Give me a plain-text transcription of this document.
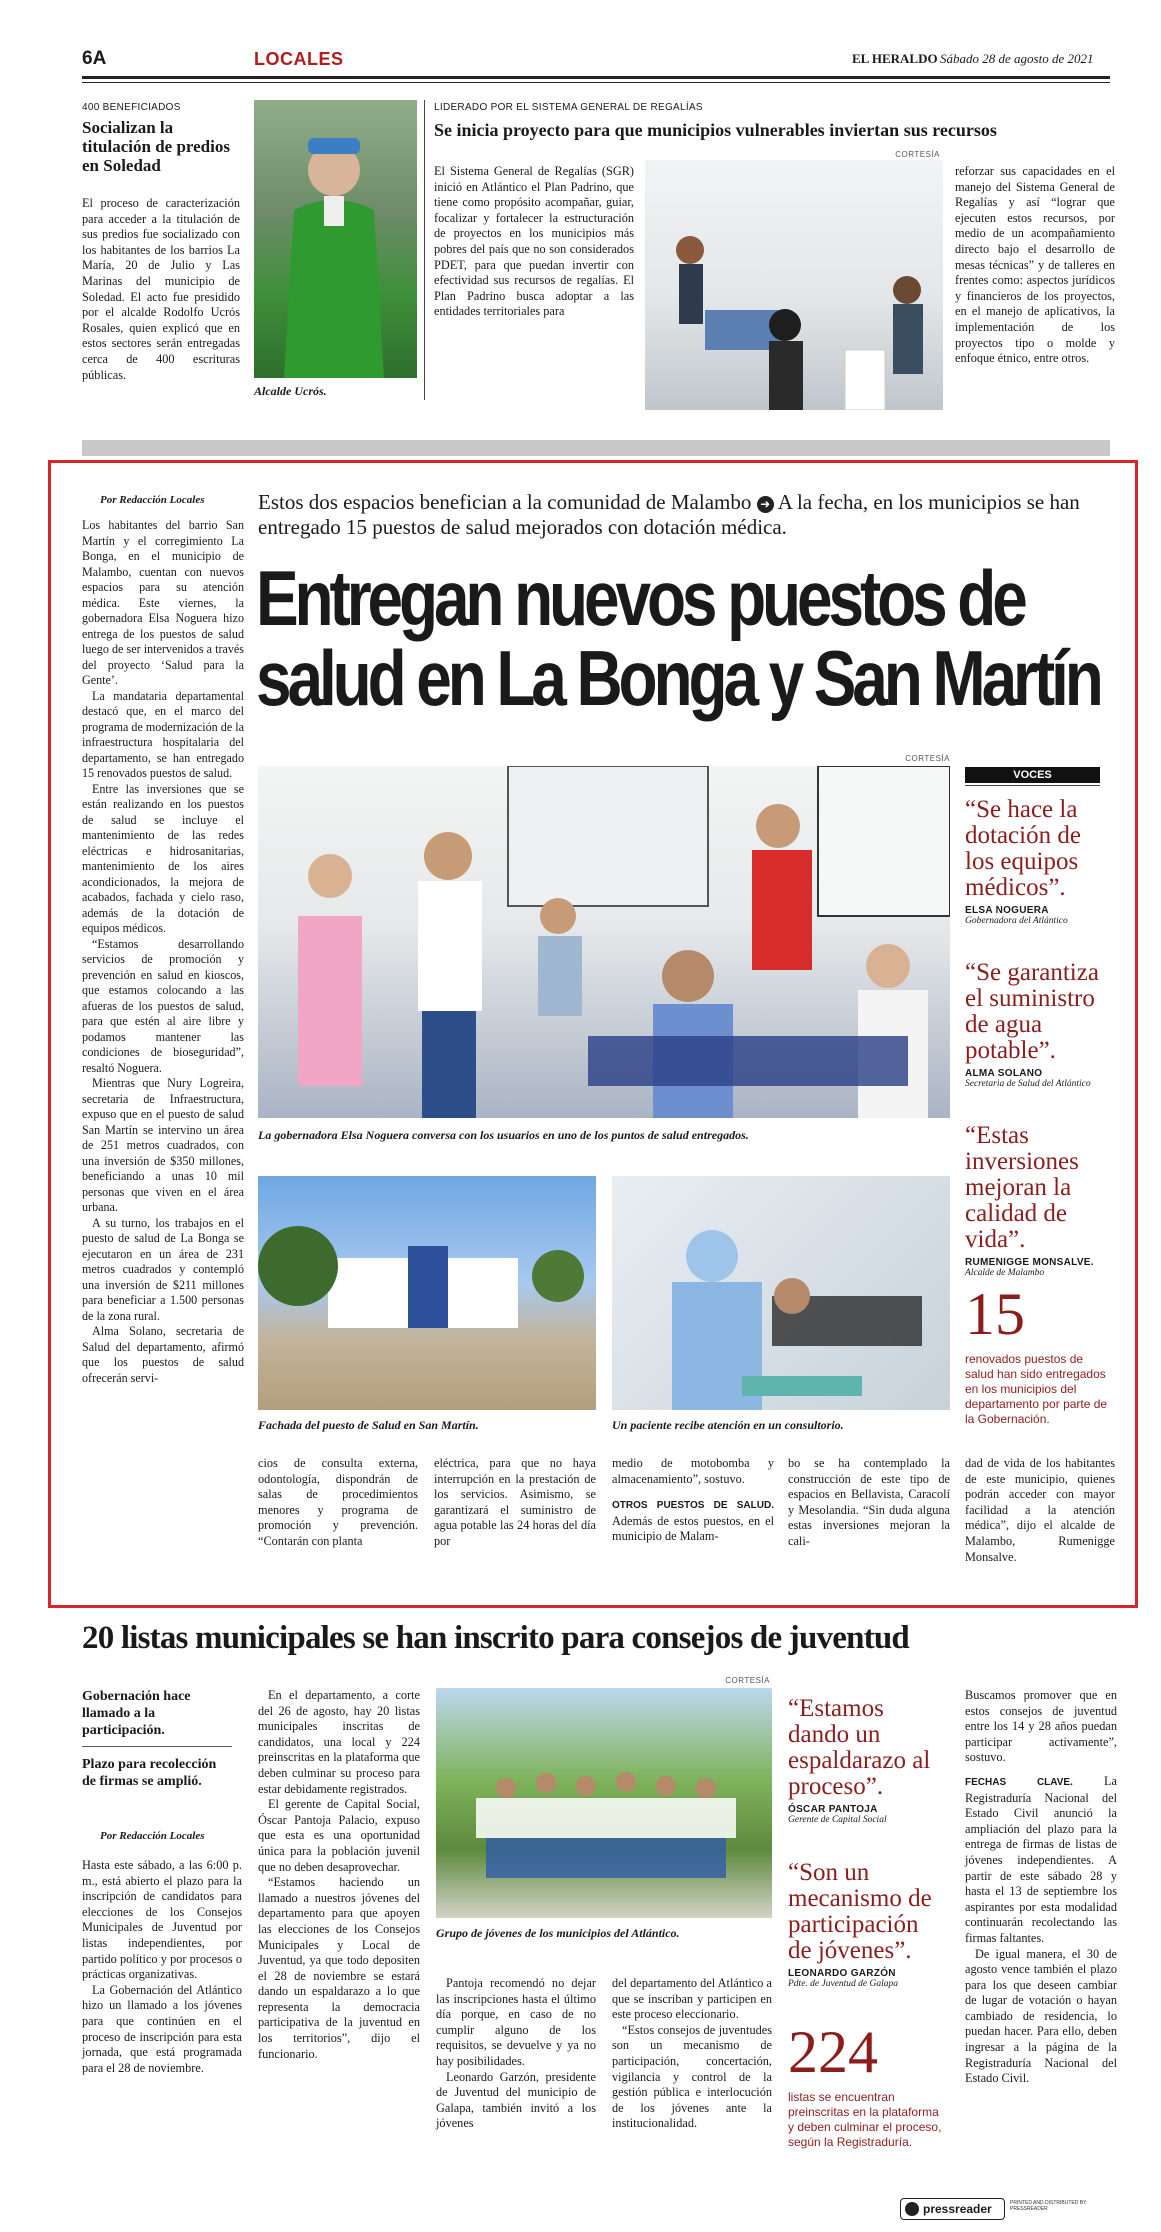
6A	LOCALES	EL HERALDO Sábado 28 de agosto de 2021
400 BENEFICIADOS
Socializan la titulación de predios en Soledad
El proceso de caracterización para acceder a la titulación de sus predios fue socializado con los habitantes de los barrios La María, 20 de Julio y Las Marinas del municipio de Soledad. El acto fue presidido por el alcalde Rodolfo Ucrós Rosales, quien explicó que en estos sectores serán entregadas cerca de 400 escrituras públicas.
Alcalde Ucrós.
LIDERADO POR EL SISTEMA GENERAL DE REGALÍAS
Se inicia proyecto para que municipios vulnerables inviertan sus recursos
CORTESÍA
El Sistema General de Regalías (SGR) inició en Atlántico el Plan Padrino, que tiene como propósito acompañar, guiar, focalizar y fortalecer la estructuración de proyectos en los municipios más pobres del país que no son considerados PDET, para que puedan invertir con efectividad sus recursos de regalías. El Plan Padrino busca adoptar a las entidades territoriales para
reforzar sus capacidades en el manejo del Sistema General de Regalías y así “lograr que ejecuten estos recursos, por medio de un acompañamiento directo bajo el desarrollo de mesas técnicas” y de talleres en frentes como: aspectos jurídicos y financieros de los proyectos, en el manejo de aplicativos, la implementación de los proyectos tipo o molde y enfoque étnico, entre otros.
Por Redacción Locales	Estos dos espacios benefician a la comunidad de Malambo ➜ A la fecha, en los municipios se han entregado 15 puestos de salud mejorados con dotación médica.
Entregan nuevos puestos de
salud en La Bonga y San Martín

Los habitantes del barrio San Martín y el corregimiento La Bonga, en el municipio de Malambo, cuentan con nuevos espacios para su atención médica. Este viernes, la gobernadora Elsa Noguera hizo entrega de los puestos de salud luego de ser intervenidos a través del proyecto ‘Salud para la Gente’.

La mandataria departamental destacó que, en el marco del programa de modernización de la infraestructura hospitalaria del departamento, se han entregado 15 renovados puestos de salud.

Entre las inversiones que se están realizando en los puestos de salud se incluye el mantenimiento de las redes eléctricas e hidrosanitarias, mantenimiento de los aires acondicionados, la mejora de acabados, fachada y cielo raso, además de la dotación de equipos médicos.

“Estamos desarrollando servicios de promoción y prevención en salud en kioscos, que estamos colocando a las afueras de los puestos de salud, para que estén al aire libre y podamos mantener las condiciones de bioseguridad”, resaltó Noguera.

Mientras que Nury Logreira, secretaria de Infraestructura, expuso que en el puesto de salud San Martín se intervino un área de 251 metros cuadrados, con una inversión de $350 millones, beneficiando a unas 10 mil personas que viven en el área urbana.

A su turno, los trabajos en el puesto de salud de La Bonga se ejecutaron en un área de 231 metros cuadrados y contempló una inversión de $211 millones para beneficiar a 1.500 personas de la zona rural.

Alma Solano, secretaria de Salud del departamento, afirmó que los puestos de salud ofrecerán servi-

CORTESÍA
La gobernadora Elsa Noguera conversa con los usuarios en uno de los puntos de salud entregados.
Fachada del puesto de Salud en San Martín.	Un paciente recibe atención en un consultorio.
VOCES
“Se hace la dotación de los equipos médicos”.
ELSA NOGUERA
Gobernadora del Atlántico
“Se garantiza el suministro de agua potable”.
ALMA SOLANO
Secretaria de Salud del Atlántico
“Estas inversiones mejoran la calidad de vida”.
RUMENIGGE MONSALVE.
Alcalde de Malambo
15
renovados puestos de salud han sido entregados en los municipios del departamento por parte de la Gobernación.
cios de consulta externa, odontología, dispondrán de salas de procedimientos menores y programa de promoción y prevención. “Contarán con planta
eléctrica, para que no haya interrupción en la prestación de los servicios. Asimismo, se garantizará el suministro de agua potable las 24 horas del día por

medio de motobomba y almacenamiento”, sostuvo.

OTROS PUESTOS DE SALUD. Además de estos puestos, en el municipio de Malam-

bo se ha contemplado la construcción de este tipo de espacios en Bellavista, Caracolí y Mesolandia. “Sin duda alguna estas inversiones mejoran la cali-
dad de vida de los habitantes de este municipio, quienes podrán acceder con mayor facilidad a la atención médica”, dijo el alcalde de Malambo, Rumenigge Monsalve.
20 listas municipales se han inscrito para consejos de juventud
CORTESÍA
Gobernación hace llamado a la participación.
Plazo para recolección de firmas se amplió.
Por Redacción Locales

Hasta este sábado, a las 6:00 p. m., está abierto el plazo para la inscripción de candidatos para elecciones de los Consejos Municipales de Juventud por listas independientes, por partido político y por procesos o prácticas organizativas.

La Gobernación del Atlántico hizo un llamado a los jóvenes para que continúen en el proceso de inscripción para esta jornada, que está programada para el 28 de noviembre.

En el departamento, a corte del 26 de agosto, hay 20 listas municipales inscritas de candidatos, una local y 224 preinscritas en la plataforma que deben culminar su proceso para estar debidamente registrados.

El gerente de Capital Social, Óscar Pantoja Palacio, expuso que esta es una oportunidad única para la población juvenil que no deben desaprovechar.

“Estamos haciendo un llamado a nuestros jóvenes del departamento para que apoyen las elecciones de los Consejos Municipales y Local de Juventud, ya que todo depositen el 28 de noviembre se estará dando un espaldarazo a lo que representa la democracia participativa de la juventud en los territorios”, dijo el funcionario.

Grupo de jóvenes de los municipios del Atlántico.

Pantoja recomendó no dejar las inscripciones hasta el último día porque, en caso de no cumplir alguno de los requisitos, se devuelve y ya no hay posibilidades.

Leonardo Garzón, presidente de Juventud del municipio de Galapa, también invitó a los jóvenes

del departamento del Atlántico a que se inscriban y participen en este proceso eleccionario.

“Estos consejos de juventudes son un mecanismo de participación, concertación, vigilancia y control de la gestión pública e interlocución de los jóvenes ante la institucionalidad.

“Estamos dando un espaldarazo al proceso”.
ÓSCAR PANTOJA
Gerente de Capital Social
“Son un mecanismo de participación de jóvenes”.
LEONARDO GARZÓN
Pdte. de Juventud de Galapa
224
listas se encuentran preinscritas en la plataforma y deben culminar el proceso, según la Registraduría.

Buscamos promover que en estos consejos de juventud entre los 14 y 28 años puedan participar activamente”, sostuvo.

FECHAS CLAVE.	La Registraduría Nacional del Estado Civil anunció la ampliación del plazo para la entrega de firmas de listas de jóvenes independientes. A partir de este sábado 28 y hasta el 13 de septiembre los aspirantes por esta modalidad continuarán recolectando las firmas faltantes.

De igual manera, el 30 de agosto vence también el plazo para los que deseen cambiar de lugar de votación o hayan cambiado de residencia, lo puedan hacer. Para ello, deben ingresar a la página de la Registraduría Nacional del Estado Civil.

pressreader	PRINTED AND DISTRIBUTED BY PRESSREADER
